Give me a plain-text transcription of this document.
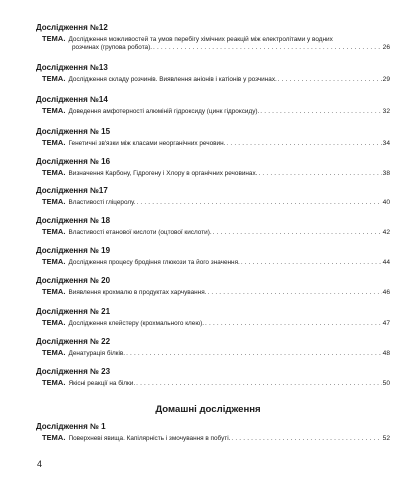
Дослідження №12
ТЕМА. Дослідження можливостей та умов перебігу хімічних реакцій між електролітами у водних
розчинах (групова робота). . . .	26
Дослідження №13
ТЕМА. Дослідження складу розчинів. Виявлення аніонів і катіонів у розчинах. . . .	29
Дослідження №14
ТЕМА. Доведення амфотерності алюміній гідроксиду (цинк гідроксиду). . . .	32
Дослідження № 15
ТЕМА. Генетичні зв'язки між класами неорганічних речовин. . . .	34
Дослідження № 16
ТЕМА. Визначення Карбону, Гідрогену і Хлору в органічних речовинах. . . .	38
Дослідження №17
ТЕМА. Властивості гліцеролу. . . .	40
Дослідження № 18
ТЕМА. Властивості етанової кислоти (оцтової кислоти). . . .	42
Дослідження № 19
ТЕМА. Дослідження процесу бродіння глюкози та його значення. . . .	44
Дослідження № 20
ТЕМА. Виявлення крохмалю в продуктах харчування. . . .	46
Дослідження № 21
ТЕМА. Дослідження клейстеру (крохмального клею). . . .	47
Дослідження № 22
ТЕМА. Денатурація білків. . . .	48
Дослідження № 23
ТЕМА. Якісні реакції на білки. . . .	50
Домашні дослідження
Дослідження № 1
ТЕМА. Поверхневі явища. Капілярність і змочування в побуті. . . .	52
4
